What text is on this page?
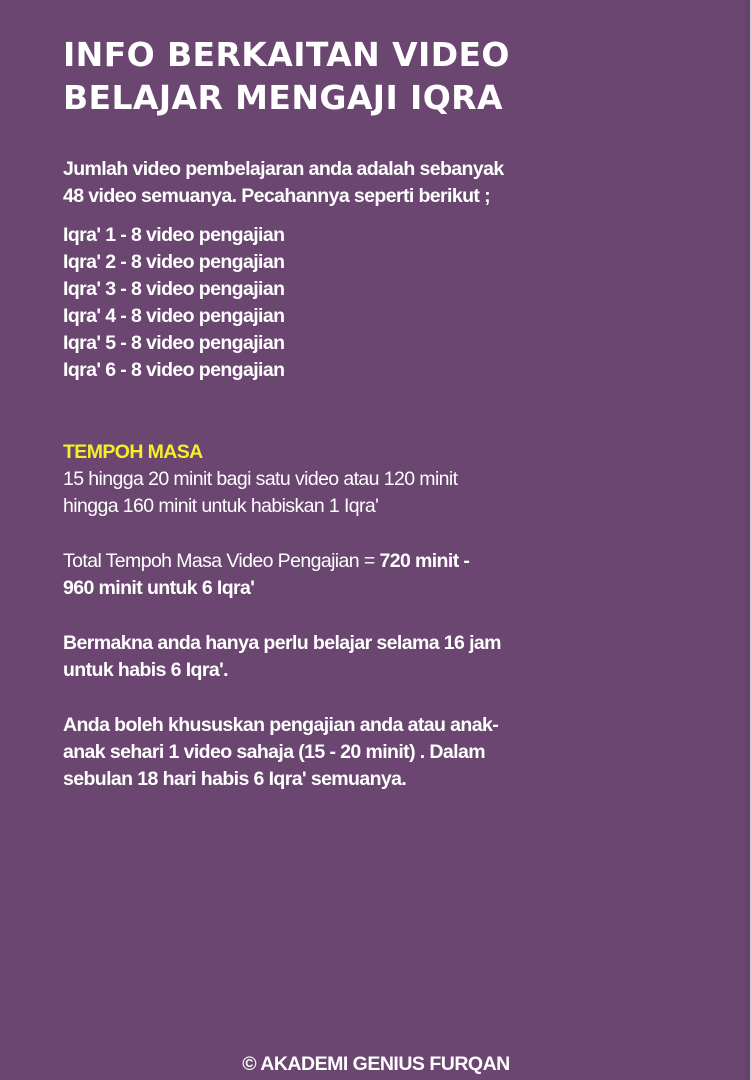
INFO BERKAITAN VIDEO
BELAJAR MENGAJI IQRA
Jumlah video pembelajaran anda adalah sebanyak
48 video semuanya. Pecahannya seperti berikut ;
Iqra' 1 - 8 video pengajian
Iqra' 2 - 8 video pengajian
Iqra' 3 - 8 video pengajian
Iqra' 4 - 8 video pengajian
Iqra' 5 - 8 video pengajian
Iqra' 6 - 8 video pengajian
TEMPOH MASA
15 hingga 20 minit bagi satu video atau 120 minit
hingga 160 minit untuk habiskan 1 Iqra'
Total Tempoh Masa Video Pengajian = 720 minit -
960 minit untuk 6 Iqra'
Bermakna anda hanya perlu belajar selama 16 jam
untuk habis 6 Iqra'.
Anda boleh khususkan pengajian anda atau anak-
anak sehari 1 video sahaja (15 - 20 minit) . Dalam
sebulan 18 hari habis 6 Iqra' semuanya.
© AKADEMI GENIUS FURQAN
